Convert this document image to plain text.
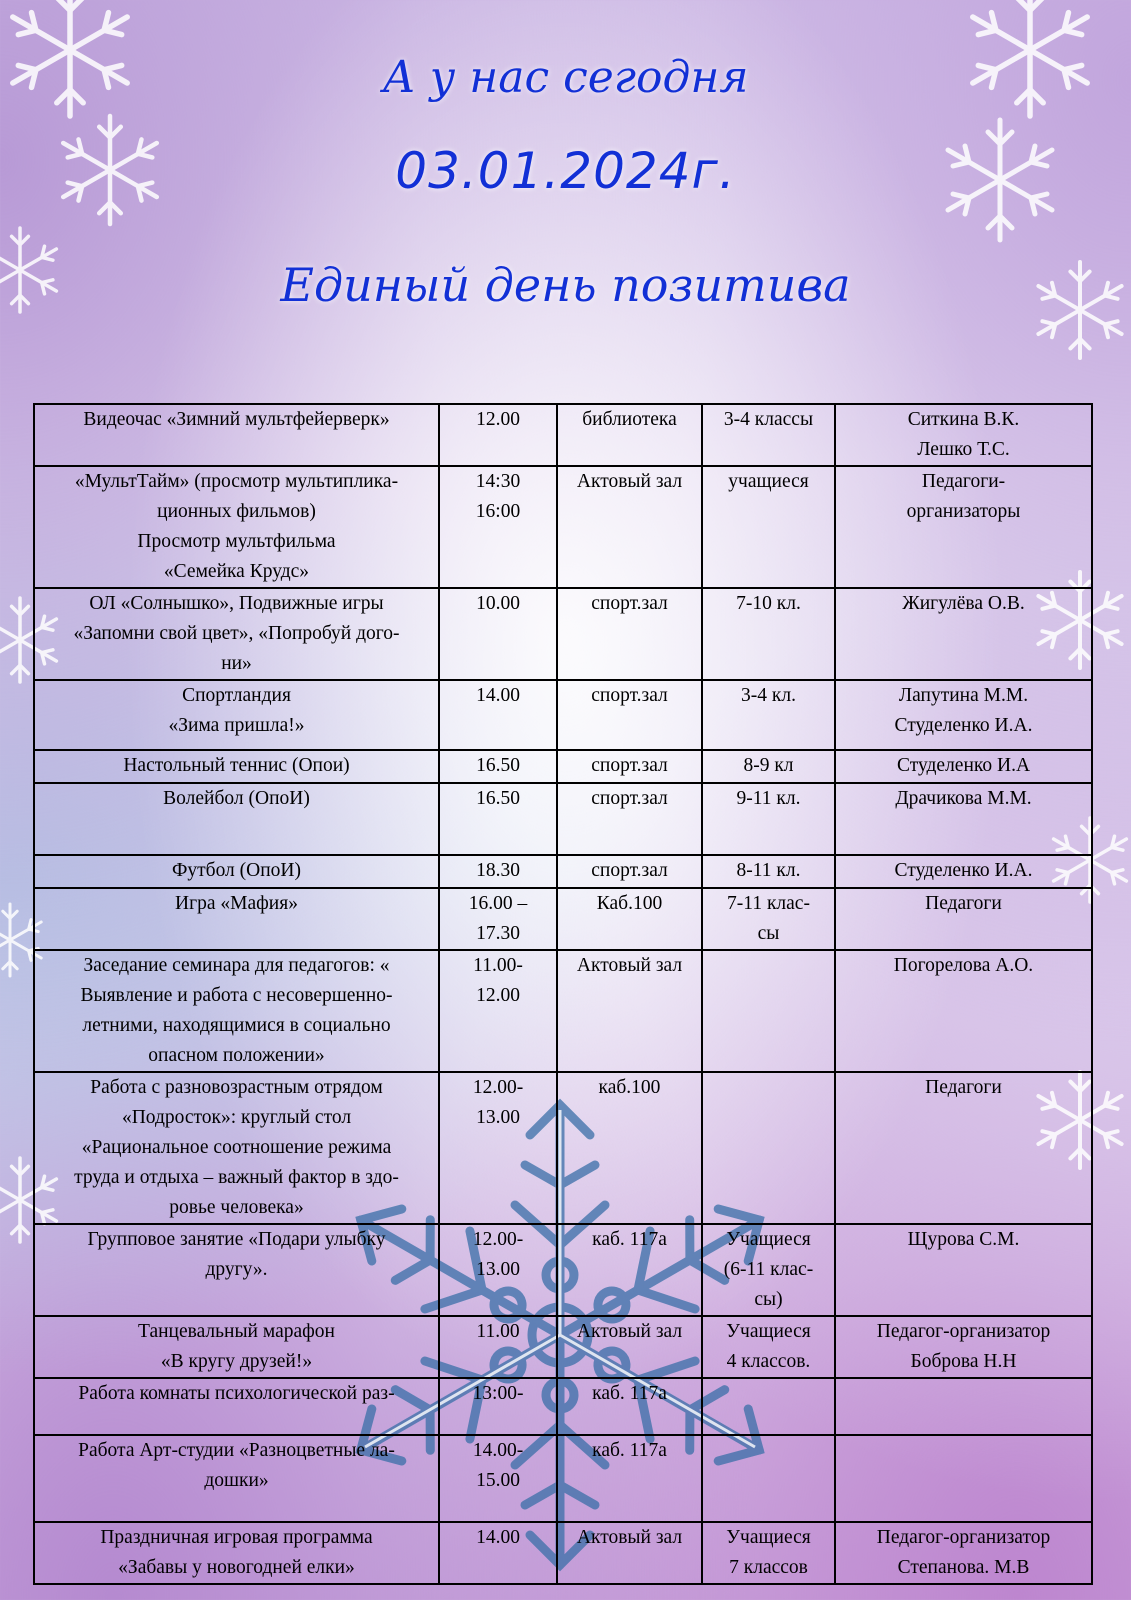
А у нас сегодня
03.01.2024г.
Единый день позитива
Видеочас «Зимний мультфейерверк»	12.00	библиотека	3-4 классы	Ситкина В.К.
Лешко Т.С.

«МультТайм» (просмотр мультиплика-
ционных фильмов)
Просмотр мультфильма
«Семейка Крудс»	14:30
16:00	Актовый зал	учащиеся	Педагоги-
организаторы

ОЛ «Солнышко», Подвижные игры
«Запомни свой цвет», «Попробуй дого-
ни»	10.00	спорт.зал	7-10 кл.	Жигулёва О.В.

Спортландия
«Зима пришла!»	14.00	спорт.зал	3-4 кл.	Лапутина М.М.
Студеленко И.А.

Настольный теннис (Опои)	16.50	спорт.зал	8-9 кл	Студеленко И.А

Волейбол (ОпоИ)	16.50	спорт.зал	9-11 кл.	Драчикова М.М.

Футбол (ОпоИ)	18.30	спорт.зал	8-11 кл.	Студеленко И.А.

Игра «Мафия»	16.00 –
17.30	Каб.100	7-11 клас-
сы	Педагоги

Заседание семинара для педагогов: «
Выявление и работа с несовершенно-
летними, находящимися в социально
опасном положении»	11.00-
12.00	Актовый зал		Погорелова А.О.

Работа с разновозрастным отрядом
«Подросток»: круглый стол
«Рациональное соотношение режима
труда и отдыха – важный фактор в здо-
ровье человека»	12.00-
13.00	каб.100		Педагоги

Групповое занятие «Подари улыбку
другу».	12.00-
13.00	каб. 117а	Учащиеся
(6-11 клас-
сы)	Щурова С.М.

Танцевальный марафон
«В кругу друзей!»	11.00	Актовый зал	Учащиеся
4 классов.	Педагог-организатор
Боброва Н.Н

Работа комнаты психологической раз-	13:00-	каб. 117а		

Работа Арт-студии «Разноцветные ла-
дошки»	14.00-
15.00	каб. 117а		

Праздничная игровая программа
«Забавы у новогодней елки»	14.00	Актовый зал	Учащиеся
7 классов	Педагог-организатор
Степанова. М.В
